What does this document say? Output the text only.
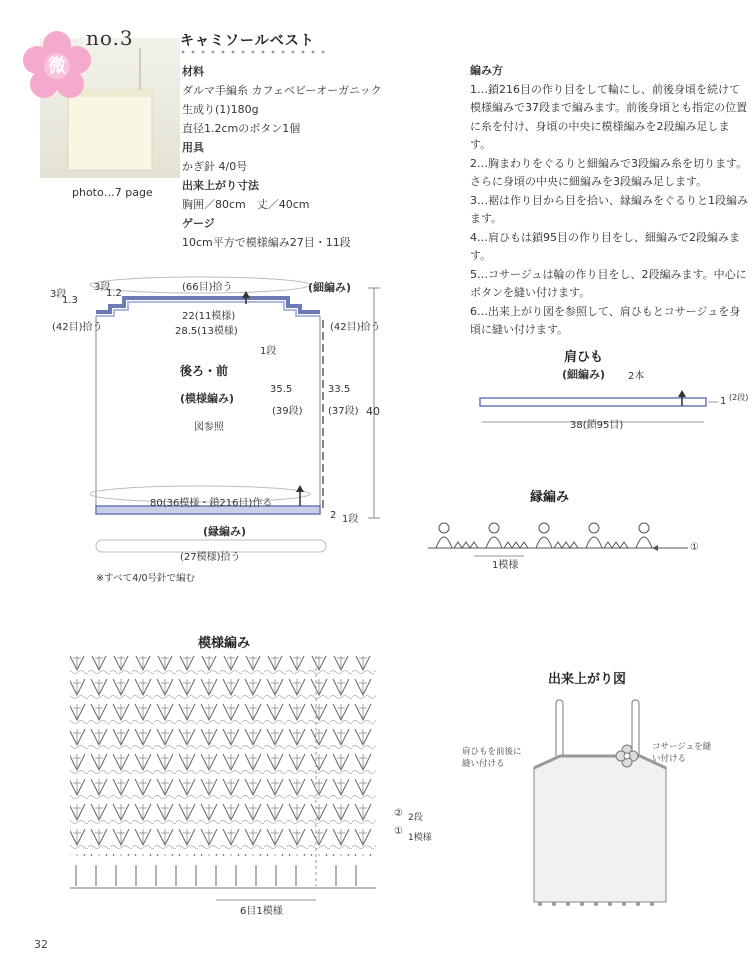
微
no.3	キャミソールベスト
photo…7 page
材料
ダルマ手編糸 カフェベビーオーガニック
生成り(1)180g
直径1.2cmのボタン1個
用具
かぎ針 4/0号
出来上がり寸法
胸囲／80cm　丈／40cm
ゲージ
10cm平方で模様編み27目・11段
編み方

1…鎖216目の作り目をして輪にし、前後身頃を続けて模様編みで37段まで編みます。前後身頃とも指定の位置に糸を付け、身頃の中央に模様編みを2段編み足します。

2…胸まわりをぐるりと細編みで3段編み糸を切ります。さらに身頃の中央に細編みを3段編み足します。

3…裾は作り目から目を拾い、縁編みをぐるりと1段編みます。

4…肩ひもは鎖95目の作り目をし、細編みで2段編みます。

5…コサージュは輪の作り目をし、2段編みます。中心にボタンを縫い付けます。

6…出来上がり図を参照して、肩ひもとコサージュを身頃に縫い付けます。

3段
1.3
3段
1.2
(66目)拾う	(細編み)
22(11模様)
28.5(13模様)
(42目)拾う	(42目)拾う
1段
後ろ・前
(模様編み)
図参照
35.5
(39段)
33.5
(37段) 40
80(36模様・鎖216目)作る
2 1段
(縁編み)
(27模様)拾う
※すべて4/0号針で編む
肩ひも
(細編み) 2本
38(鎖95目)
1 (2段)
縁編み
1模様
①
模様編み
②
①
2段
1模様
6目1模様
出来上がり図
肩ひもを前後に縫い付ける
コサージュを縫い付ける
32
